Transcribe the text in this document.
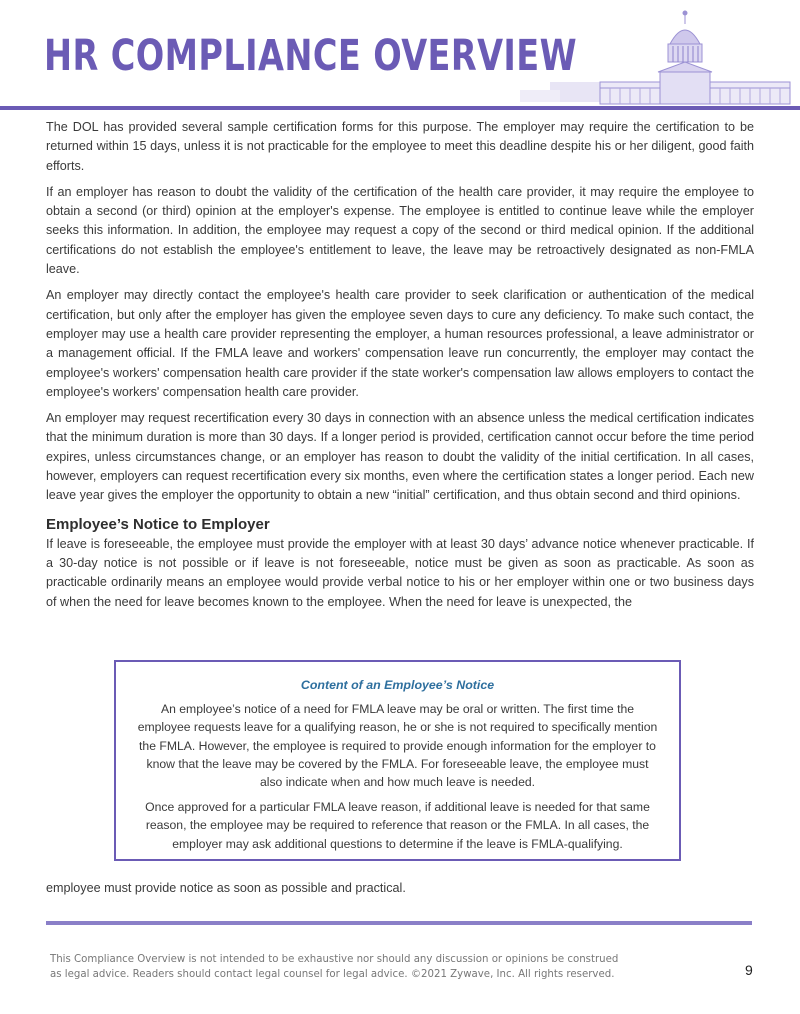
HR COMPLIANCE OVERVIEW

The DOL has provided several sample certification forms for this purpose. The employer may require the certification to be returned within 15 days, unless it is not practicable for the employee to meet this deadline despite his or her diligent, good faith efforts.

If an employer has reason to doubt the validity of the certification of the health care provider, it may require the employee to obtain a second (or third) opinion at the employer's expense. The employee is entitled to continue leave while the employer seeks this information. In addition, the employee may request a copy of the second or third medical opinion. If the additional certifications do not establish the employee's entitlement to leave, the leave may be retroactively designated as non-FMLA leave.

An employer may directly contact the employee's health care provider to seek clarification or authentication of the medical certification, but only after the employer has given the employee seven days to cure any deficiency. To make such contact, the employer may use a health care provider representing the employer, a human resources professional, a leave administrator or a management official. If the FMLA leave and workers' compensation leave run concurrently, the employer may contact the employee's workers' compensation health care provider if the state worker's compensation law allows employers to contact the employee's workers' compensation health care provider.

An employer may request recertification every 30 days in connection with an absence unless the medical certification indicates that the minimum duration is more than 30 days. If a longer period is provided, certification cannot occur before the time period expires, unless circumstances change, or an employer has reason to doubt the validity of the initial certification. In all cases, however, employers can request recertification every six months, even where the certification states a longer period. Each new leave year gives the employer the opportunity to obtain a new “initial” certification, and thus obtain second and third opinions.

Employee’s Notice to Employer

If leave is foreseeable, the employee must provide the employer with at least 30 days’ advance notice whenever practicable. If a 30-day notice is not possible or if leave is not foreseeable, notice must be given as soon as practicable. As soon as practicable ordinarily means an employee would provide verbal notice to his or her employer within one or two business days of when the need for leave becomes known to the employee. When the need for leave is unexpected, the

Content of an Employee’s Notice

An employee’s notice of a need for FMLA leave may be oral or written. The first time the employee requests leave for a qualifying reason, he or she is not required to specifically mention the FMLA. However, the employee is required to provide enough information for the employer to know that the leave may be covered by the FMLA. For foreseeable leave, the employee must also indicate when and how much leave is needed.

Once approved for a particular FMLA leave reason, if additional leave is needed for that same reason, the employee may be required to reference that reason or the FMLA. In all cases, the employer may ask additional questions to determine if the leave is FMLA-qualifying.

employee must provide notice as soon as possible and practical.

This Compliance Overview is not intended to be exhaustive nor should any discussion or opinions be construed
as legal advice. Readers should contact legal counsel for legal advice. ©2021 Zywave, Inc. All rights reserved.	9
